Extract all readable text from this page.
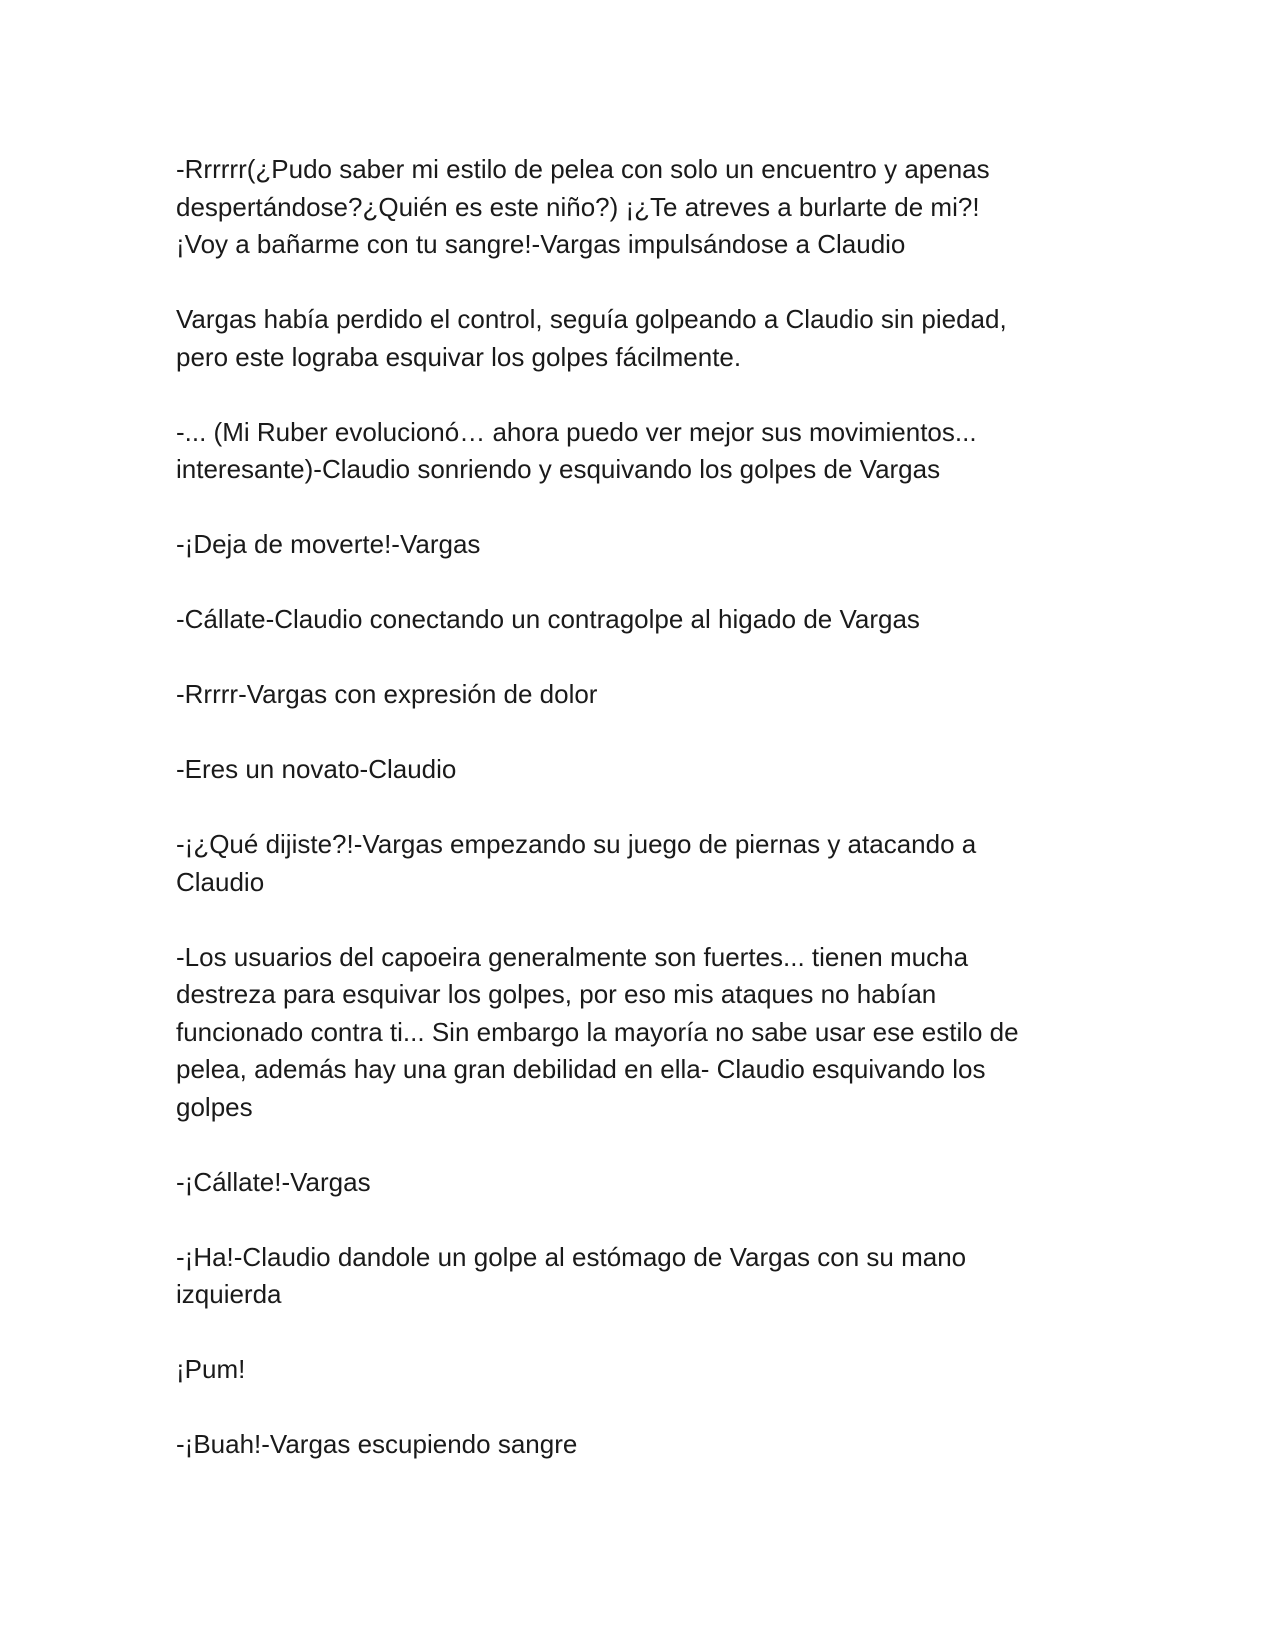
-Rrrrrr(¿Pudo saber mi estilo de pelea con solo un encuentro y apenas
despertándose?¿Quién es este niño?) ¡¿Te atreves a burlarte de mi?!
¡Voy a bañarme con tu sangre!-Vargas impulsándose a Claudio

Vargas había perdido el control, seguía golpeando a Claudio sin piedad,
pero este lograba esquivar los golpes fácilmente.

-... (Mi Ruber evolucionó… ahora puedo ver mejor sus movimientos...
interesante)-Claudio sonriendo y esquivando los golpes de Vargas

-¡Deja de moverte!-Vargas

-Cállate-Claudio conectando un contragolpe al higado de Vargas

-Rrrrr-Vargas con expresión de dolor

-Eres un novato-Claudio

-¡¿Qué dijiste?!-Vargas empezando su juego de piernas y atacando a
Claudio

-Los usuarios del capoeira generalmente son fuertes... tienen mucha
destreza para esquivar los golpes, por eso mis ataques no habían
funcionado contra ti... Sin embargo la mayoría no sabe usar ese estilo de
pelea, además hay una gran debilidad en ella- Claudio esquivando los
golpes

-¡Cállate!-Vargas

-¡Ha!-Claudio dandole un golpe al estómago de Vargas con su mano
izquierda

¡Pum!

-¡Buah!-Vargas escupiendo sangre
